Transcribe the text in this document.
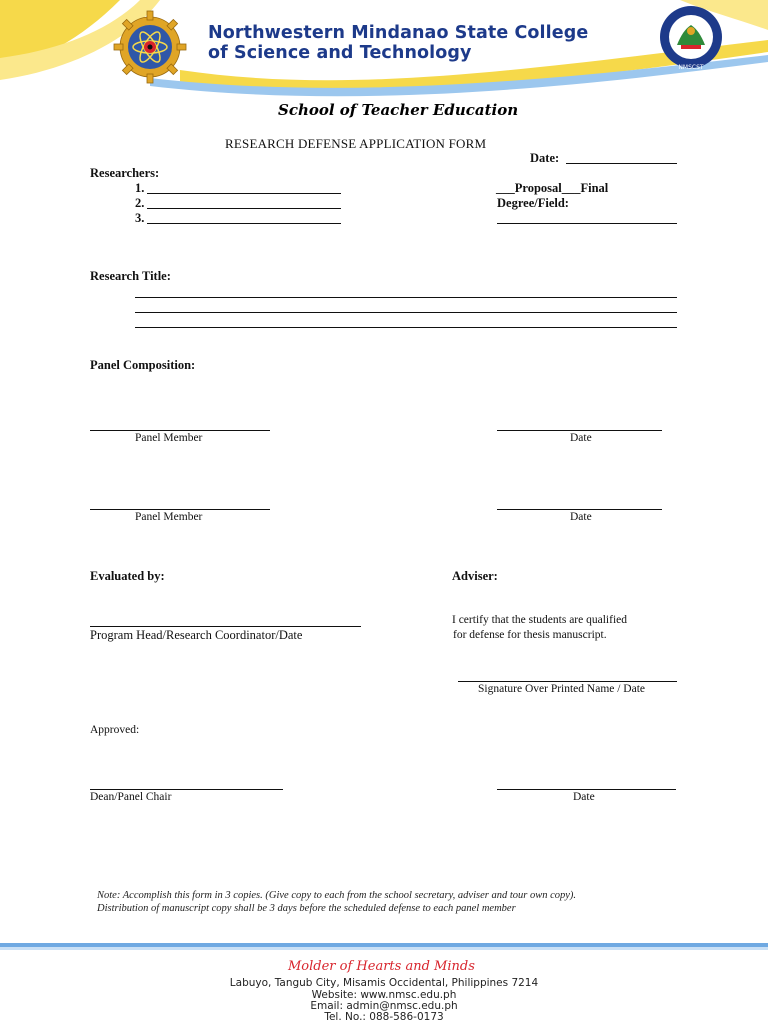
Northwestern Mindanao State College
of Science and Technology
NMSCST
School of Teacher Education
RESEARCH DEFENSE APPLICATION FORM
Date:
Researchers:
1.
2.
3.
___Proposal___Final
Degree/Field:
Research Title:
Panel Composition:
Panel Member	Date
Panel Member	Date
Evaluated by:	Adviser:
Program Head/Research Coordinator/Date
I certify that the students are qualified
for defense for thesis manuscript.
Signature Over Printed Name / Date
Approved:
Dean/Panel Chair	Date
Note: Accomplish this form in 3 copies. (Give copy to each from the school secretary, adviser and tour own copy).
Distribution of manuscript copy shall be 3 days before the scheduled defense to each panel member
Molder of Hearts and Minds
Labuyo, Tangub City, Misamis Occidental, Philippines 7214
Website: www.nmsc.edu.ph
Email: admin@nmsc.edu.ph
Tel. No.: 088-586-0173
